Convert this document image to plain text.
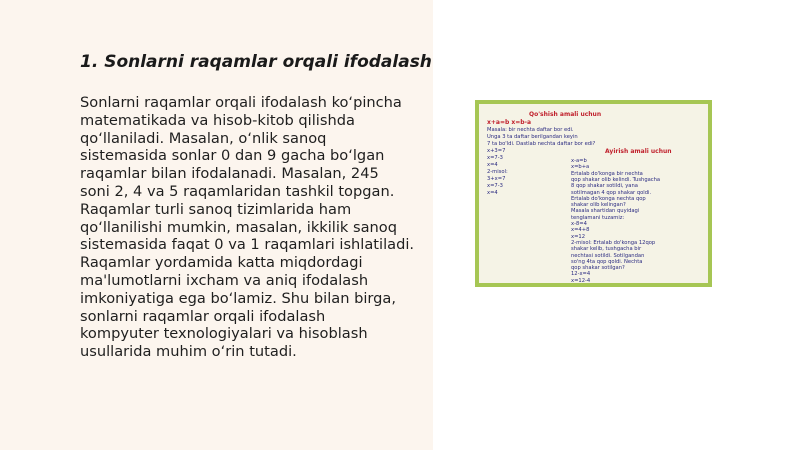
1. Sonlarni raqamlar orqali ifodalash
Sonlarni raqamlar orqali ifodalash ko‘pincha
matematikada va hisob-kitob qilishda
qo‘llaniladi. Masalan, o‘nlik sanoq
sistemasida sonlar 0 dan 9 gacha bo‘lgan
raqamlar bilan ifodalanadi. Masalan, 245
soni 2, 4 va 5 raqamlaridan tashkil topgan.
Raqamlar turli sanoq tizimlarida ham
qo‘llanilishi mumkin, masalan, ikkilik sanoq
sistemasida faqat 0 va 1 raqamlari ishlatiladi.
Raqamlar yordamida katta miqdordagi
ma'lumotlarni ixcham va aniq ifodalash
imkoniyatiga ega bo‘lamiz. Shu bilan birga,
sonlarni raqamlar orqali ifodalash
kompyuter texnologiyalari va hisoblash
usullarida muhim o‘rin tutadi.
Qo'shish amali uchun
Ayirish amali uchun
x+a=b x=b-a
Masala: bir nechta daftar bor edi.
Unga 3 ta daftar berilgandan keyin
7 ta bo'ldi. Dastlab nechta daftar bor edi?
x+3=7
x=7-3
x=4
2-misol:
3+x=7
x=7-3
x=4
x-a=b
x=b+a
Ertalab do'konga bir nechta
qop shakar olib kelindi. Tushgacha
8 qop shakar sotildi, yana
sotilmagan 4 qop shakar qoldi.
Ertalab do'konga nechta qop
shakar olib kelingan?
Masala shartidan quyidagi
tenglamani tuzamiz:
x-8=4
x=4+8
x=12
2-misol: Ertalab do'konga 12qop
shakar kelib, tushgacha bir
nechtasi sotildi. Sotilgandan
so'ng 4ta qop qoldi. Nechta
qop shakar sotilgan?
12-x=4
x=12-4
